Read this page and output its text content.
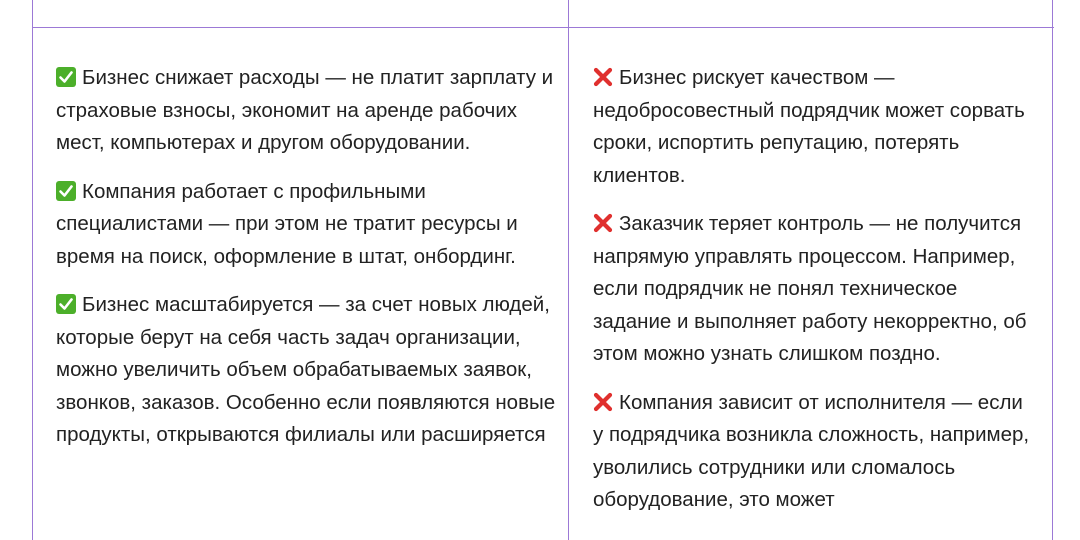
Бизнес снижает расходы — не платит зарплату и страховые взносы, экономит на аренде рабочих мест, компьютерах и другом оборудовании.

Компания работает с профильными специалистами — при этом не тратит ресурсы и время на поиск, оформление в штат, онбординг.

Бизнес масштабируется — за счет новых людей, которые берут на себя часть задач организации, можно увеличить объем обрабатываемых заявок, звонков, заказов. Особенно если появляются новые продукты, открываются филиалы или расширяется

Бизнес рискует качеством — недобросовестный подрядчик может сорвать сроки, испортить репутацию, потерять клиентов.

Заказчик теряет контроль — не получится напрямую управлять процессом. Например, если подрядчик не понял техническое задание и выполняет работу некорректно, об этом можно узнать слишком поздно.

Компания зависит от исполнителя — если у подрядчика возникла сложность, например, уволились сотрудники или сломалось оборудование, это может
